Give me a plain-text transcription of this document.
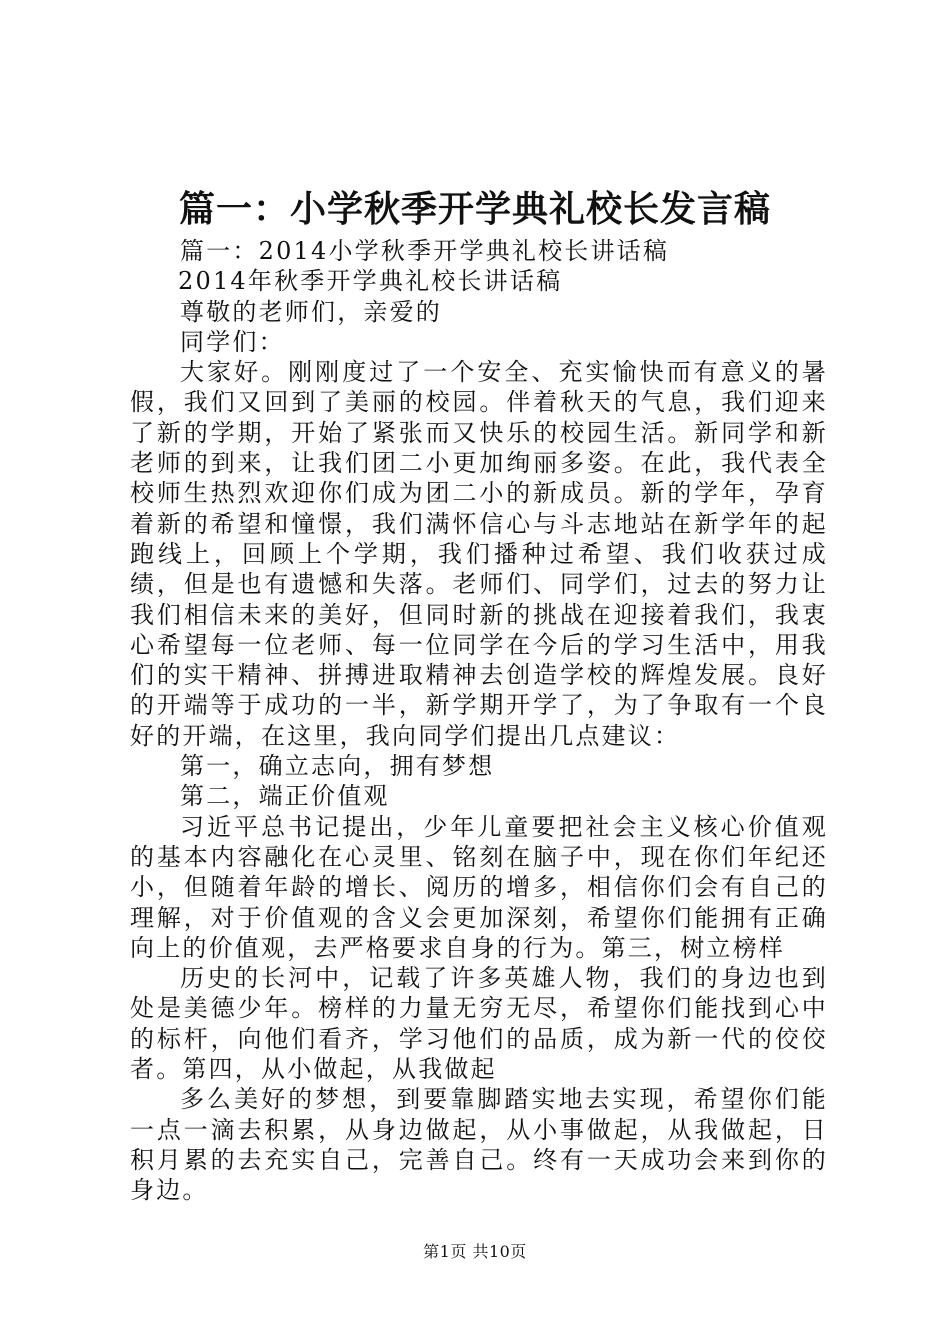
篇一：小学秋季开学典礼校长发言稿

篇一：2014小学秋季开学典礼校长讲话稿

2014年秋季开学典礼校长讲话稿

尊敬的老师们，亲爱的

同学们：

大家好。刚刚度过了一个安全、充实愉快而有意义的暑假，我们又回到了美丽的校园。伴着秋天的气息，我们迎来了新的学期，开始了紧张而又快乐的校园生活。新同学和新老师的到来，让我们团二小更加绚丽多姿。在此，我代表全校师生热烈欢迎你们成为团二小的新成员。新的学年，孕育着新的希望和憧憬，我们满怀信心与斗志地站在新学年的起跑线上，回顾上个学期，我们播种过希望、我们收获过成绩，但是也有遗憾和失落。老师们、同学们，过去的努力让我们相信未来的美好，但同时新的挑战在迎接着我们，我衷心希望每一位老师、每一位同学在今后的学习生活中，用我们的实干精神、拼搏进取精神去创造学校的辉煌发展。良好的开端等于成功的一半，新学期开学了，为了争取有一个良好的开端，在这里，我向同学们提出几点建议：

第一，确立志向，拥有梦想

第二，端正价值观

习近平总书记提出，少年儿童要把社会主义核心价值观的基本内容融化在心灵里、铭刻在脑子中，现在你们年纪还小，但随着年龄的增长、阅历的增多，相信你们会有自己的理解，对于价值观的含义会更加深刻，希望你们能拥有正确向上的价值观，去严格要求自身的行为。第三，树立榜样

历史的长河中，记载了许多英雄人物，我们的身边也到处是美德少年。榜样的力量无穷无尽，希望你们能找到心中的标杆，向他们看齐，学习他们的品质，成为新一代的佼佼者。第四，从小做起，从我做起

多么美好的梦想，到要靠脚踏实地去实现，希望你们能一点一滴去积累，从身边做起，从小事做起，从我做起，日积月累的去充实自己，完善自己。终有一天成功会来到你的身边。

第1页 共10页
